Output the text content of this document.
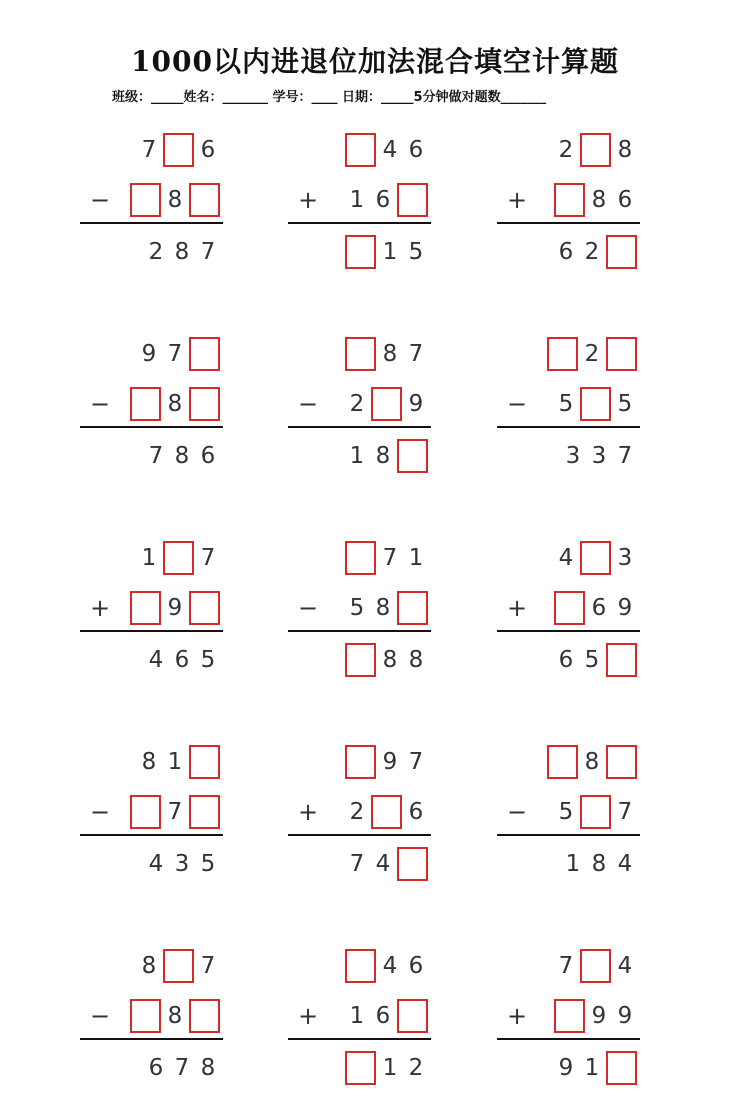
1000以内进退位加法混合填空计算题
班级：_____姓名：_______ 学号：____ 日期：_____5分钟做对题数_______
7 6
8
−
2 8 7
4 6
1 6
+
1 5
2 8
8 6
+
6 2
9 7
8
−
7 8 6
8 7
2 9
−
1 8
2
5 5
−
3 3 7
1 7
9
+
4 6 5
7 1
5 8
−
8 8
4 3
6 9
+
6 5
8 1
7
−
4 3 5
9 7
2 6
+
7 4
8
5 7
−
1 8 4
8 7
8
−
6 7 8
4 6
1 6
+
1 2
7 4
9 9
+
9 1
